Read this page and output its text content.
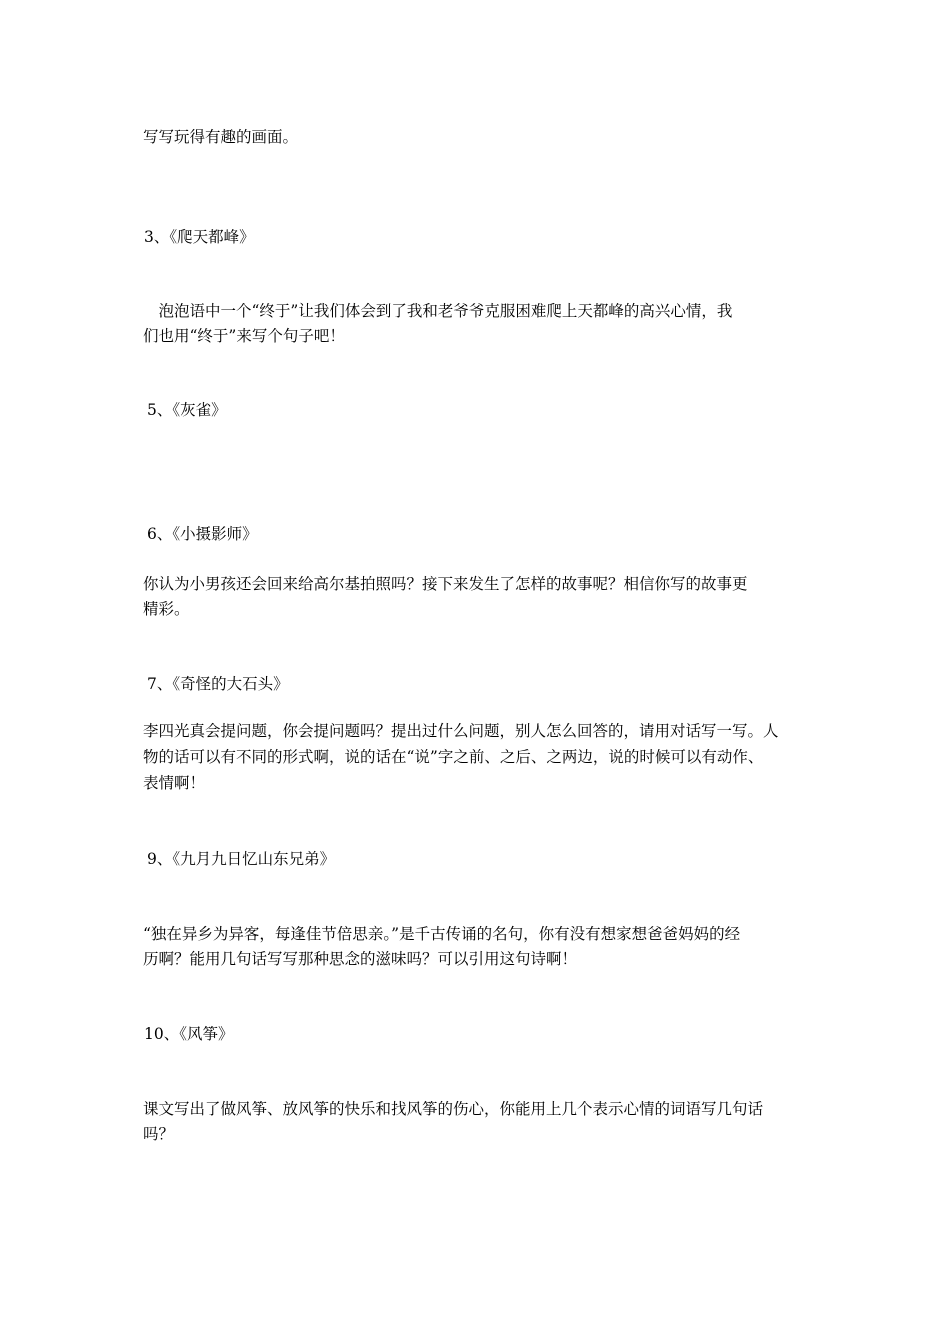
写写玩得有趣的画面。
3、《爬天都峰》
　泡泡语中一个“终于”让我们体会到了我和老爷爷克服困难爬上天都峰的高兴心情，我
们也用“终于”来写个句子吧！
5、《灰雀》
6、《小摄影师》
你认为小男孩还会回来给高尔基拍照吗？接下来发生了怎样的故事呢？相信你写的故事更
精彩。
7、《奇怪的大石头》
李四光真会提问题，你会提问题吗？提出过什么问题，别人怎么回答的，请用对话写一写。人
物的话可以有不同的形式啊，说的话在“说”字之前、之后、之两边，说的时候可以有动作、
表情啊！
9、《九月九日忆山东兄弟》
“独在异乡为异客，每逢佳节倍思亲。”是千古传诵的名句，你有没有想家想爸爸妈妈的经
历啊？能用几句话写写那种思念的滋味吗？可以引用这句诗啊！
10、《风筝》
课文写出了做风筝、放风筝的快乐和找风筝的伤心，你能用上几个表示心情的词语写几句话
吗？
